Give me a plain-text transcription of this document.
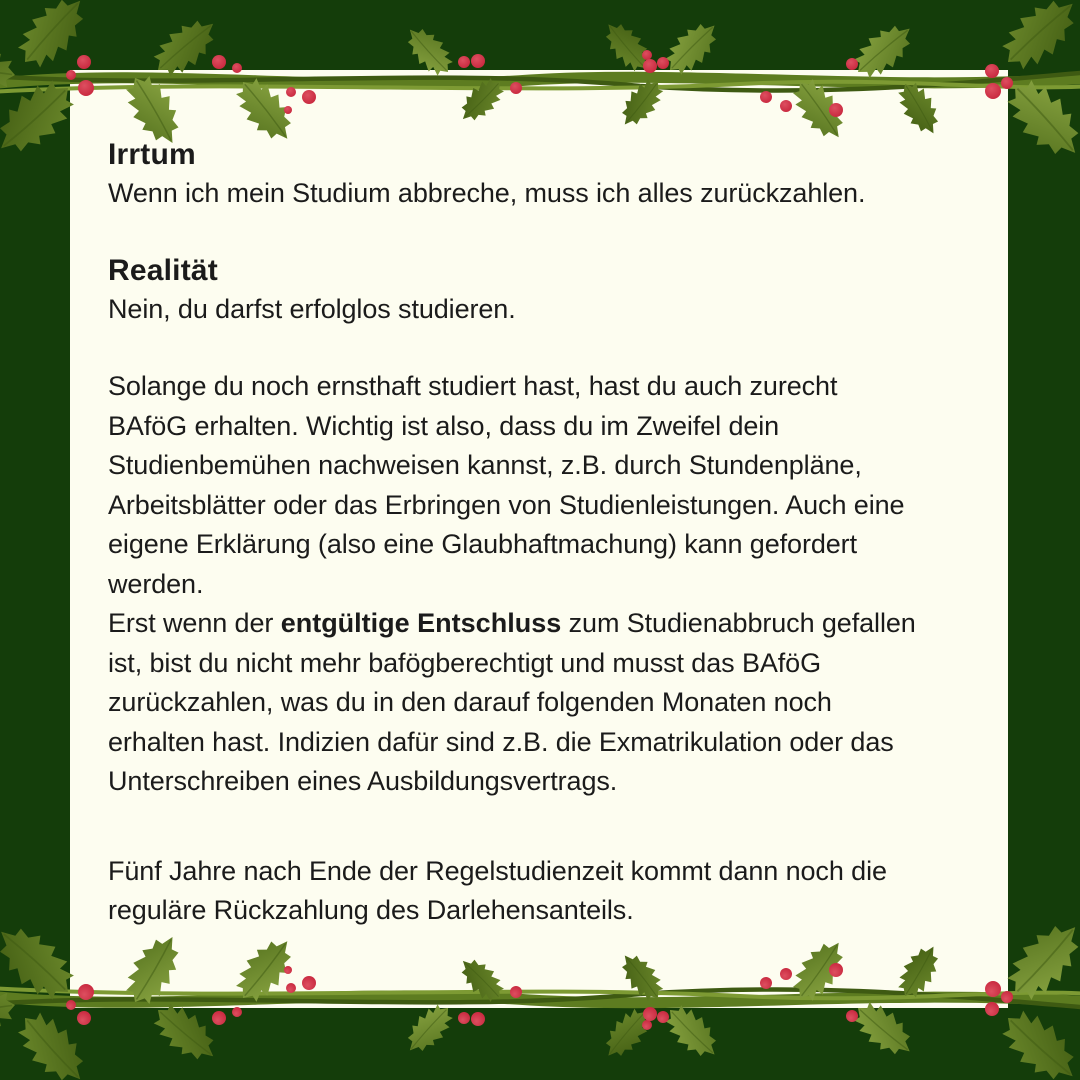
Irrtum
Wenn ich mein Studium abbreche, muss ich alles zurückzahlen.
Realität
Nein, du darfst erfolglos studieren.
Solange du noch ernsthaft studiert hast, hast du auch zurecht
BAföG erhalten. Wichtig ist also, dass du im Zweifel dein
Studienbemühen nachweisen kannst, z.B. durch Stundenpläne,
Arbeitsblätter oder das Erbringen von Studienleistungen. Auch eine
eigene Erklärung (also eine Glaubhaftmachung) kann gefordert
werden.
Erst wenn der entgültige Entschluss zum Studienabbruch gefallen
ist, bist du nicht mehr bafögberechtigt und musst das BAföG
zurückzahlen, was du in den darauf folgenden Monaten noch
erhalten hast. Indizien dafür sind z.B. die Exmatrikulation oder das
Unterschreiben eines Ausbildungsvertrags.
Fünf Jahre nach Ende der Regelstudienzeit kommt dann noch die
reguläre Rückzahlung des Darlehensanteils.
